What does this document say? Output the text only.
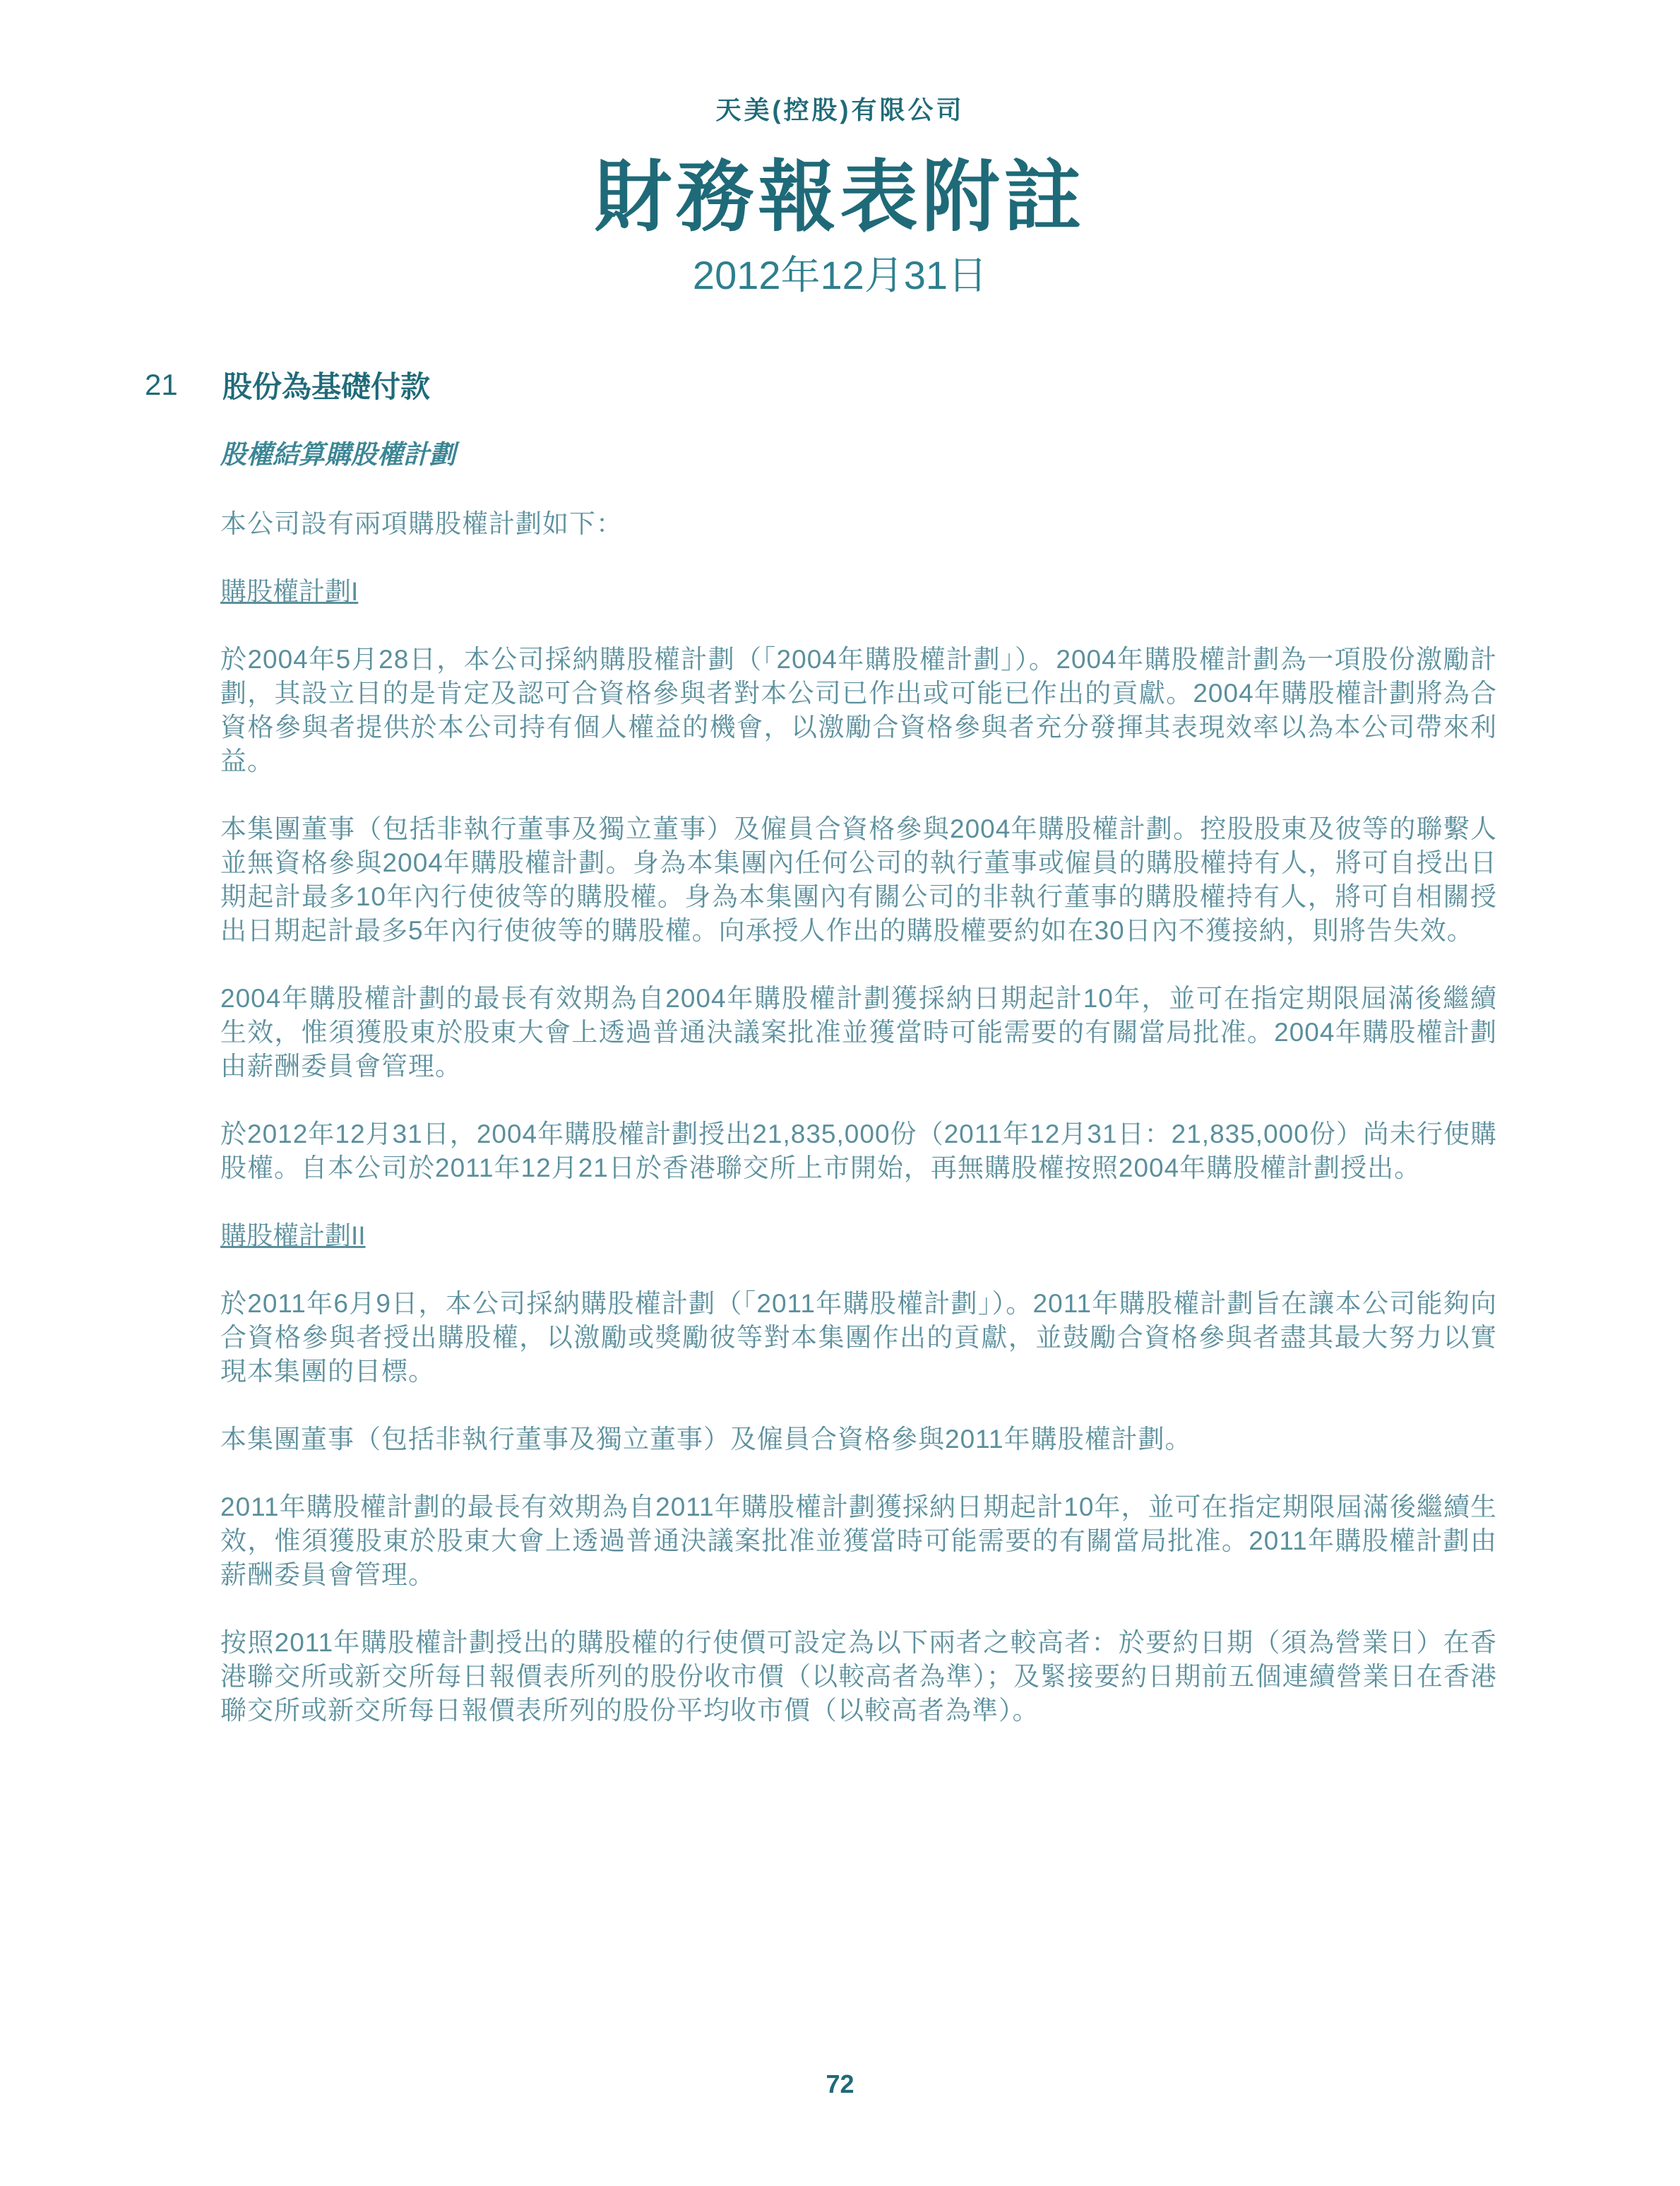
天美(控股)有限公司
財務報表附註
2012年12月31日
21	股份為基礎付款
股權結算購股權計劃
本公司設有兩項購股權計劃如下：
購股權計劃I
於2004年5月28日，本公司採納購股權計劃（「2004年購股權計劃」）。2004年購股權計劃為一項股份激勵計劃，其設立目的是肯定及認可合資格參與者對本公司已作出或可能已作出的貢獻。2004年購股權計劃將為合資格參與者提供於本公司持有個人權益的機會，以激勵合資格參與者充分發揮其表現效率以為本公司帶來利益。
本集團董事（包括非執行董事及獨立董事）及僱員合資格參與2004年購股權計劃。控股股東及彼等的聯繫人並無資格參與2004年購股權計劃。身為本集團內任何公司的執行董事或僱員的購股權持有人，將可自授出日期起計最多10年內行使彼等的購股權。身為本集團內有關公司的非執行董事的購股權持有人，將可自相關授出日期起計最多5年內行使彼等的購股權。向承授人作出的購股權要約如在30日內不獲接納，則將告失效。
2004年購股權計劃的最長有效期為自2004年購股權計劃獲採納日期起計10年，並可在指定期限屆滿後繼續生效，惟須獲股東於股東大會上透過普通決議案批准並獲當時可能需要的有關當局批准。2004年購股權計劃由薪酬委員會管理。
於2012年12月31日，2004年購股權計劃授出21,835,000份（2011年12月31日：21,835,000份）尚未行使購股權。自本公司於2011年12月21日於香港聯交所上市開始，再無購股權按照2004年購股權計劃授出。
購股權計劃II
於2011年6月9日，本公司採納購股權計劃（「2011年購股權計劃」）。2011年購股權計劃旨在讓本公司能夠向合資格參與者授出購股權，以激勵或獎勵彼等對本集團作出的貢獻，並鼓勵合資格參與者盡其最大努力以實現本集團的目標。
本集團董事（包括非執行董事及獨立董事）及僱員合資格參與2011年購股權計劃。
2011年購股權計劃的最長有效期為自2011年購股權計劃獲採納日期起計10年，並可在指定期限屆滿後繼續生效，惟須獲股東於股東大會上透過普通決議案批准並獲當時可能需要的有關當局批准。2011年購股權計劃由薪酬委員會管理。
按照2011年購股權計劃授出的購股權的行使價可設定為以下兩者之較高者：於要約日期（須為營業日）在香港聯交所或新交所每日報價表所列的股份收市價（以較高者為準）；及緊接要約日期前五個連續營業日在香港聯交所或新交所每日報價表所列的股份平均收市價（以較高者為準）。
72
